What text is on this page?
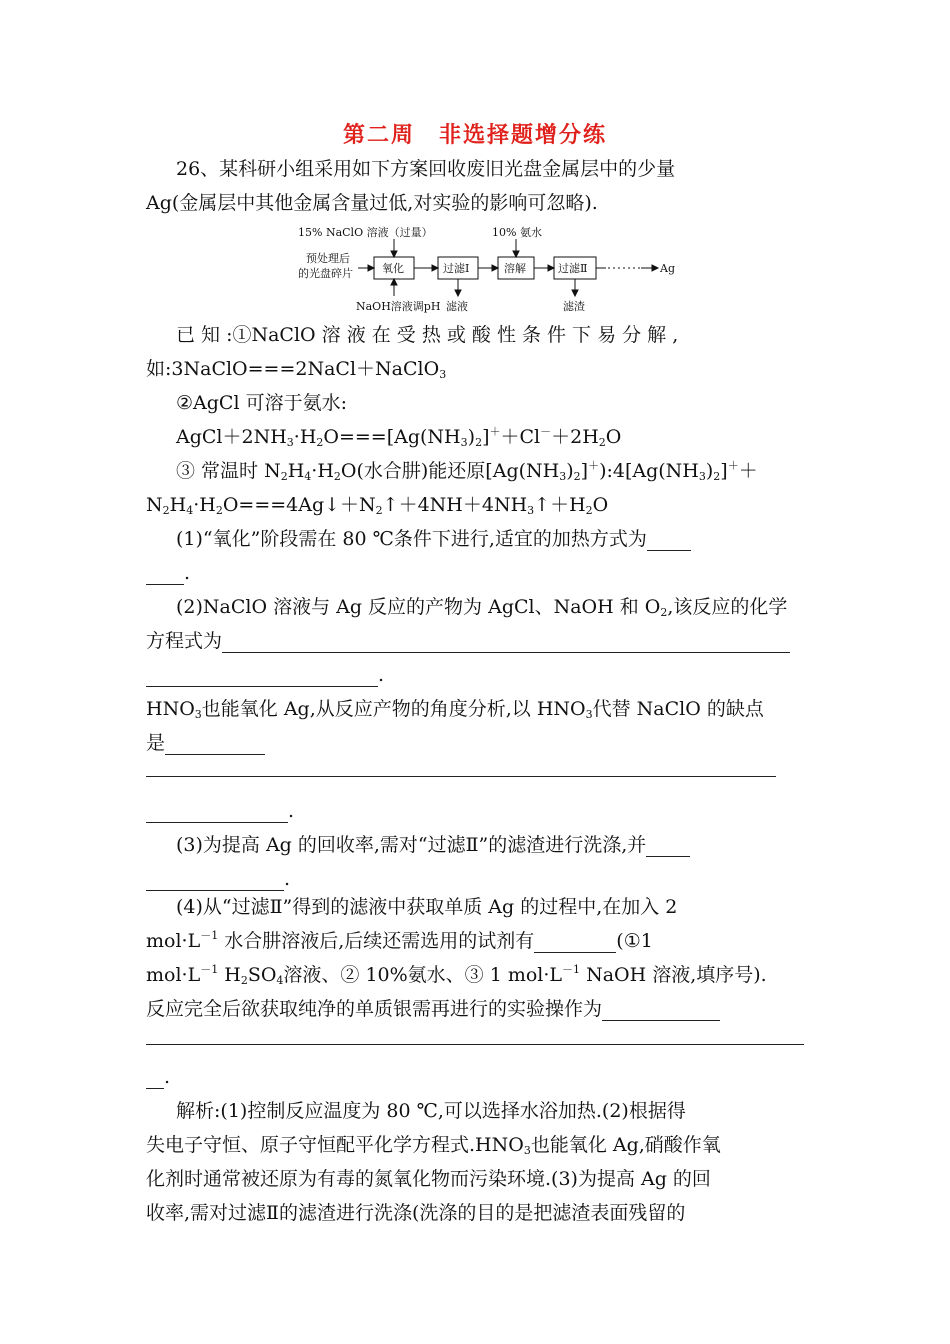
第二周　非选择题增分练
26、某科研小组采用如下方案回收废旧光盘金属层中的少量
Ag(金属层中其他金属含量过低,对实验的影响可忽略).
15% NaClO 溶液（过量）	10% 氨水
预处理后
的光盘碎片	氧化	过滤Ⅰ	溶解	过滤Ⅱ	Ag
NaOH溶液调pH 滤液	滤渣
已 知 :①NaClO 溶 液 在 受 热 或 酸 性 条 件 下 易 分 解 ,
如:3NaClO===2NaCl＋NaClO$_3$
②AgCl 可溶于氨水:
$AgCl+2NH_3\cdot H_2O===[Ag(NH_3)_2]^++Cl^-+2H_2O$
③ 常温时 $N_2H_4\cdot H_2O$(水合肼)能还原$[Ag(NH_3)_2]^+):4[Ag(NH_3)_2]^++$
$N_2H_4\cdot H_2O===4Ag↓+N_2↑+4NH+4NH_3↑+H_2O$
(1)“氧化”阶段需在 80 ℃条件下进行,适宜的加热方式为
.
(2)NaClO 溶液与 Ag 反应的产物为 AgCl、NaOH 和 $O_2$,该反应的化学
方程式为
.
$HNO_3$也能氧化 Ag,从反应产物的角度分析,以 $HNO_3$代替 NaClO 的缺点
是
.
(3)为提高 Ag 的回收率,需对“过滤Ⅱ”的滤渣进行洗涤,并
.
(4)从“过滤Ⅱ”得到的滤液中获取单质 Ag 的过程中,在加入 2
$mol\cdot L^{-1}$ 水合肼溶液后,后续还需选用的试剂有	(①1
$mol\cdot L^{-1}$ $H_2SO_4$溶液、② 10%氨水、③ 1 $mol\cdot L^{-1}$ NaOH 溶液,填序号).
反应完全后欲获取纯净的单质银需再进行的实验操作为
.
解析:(1)控制反应温度为 80 ℃,可以选择水浴加热.(2)根据得
失电子守恒、原子守恒配平化学方程式$.HNO_3$也能氧化 Ag,硝酸作氧
化剂时通常被还原为有毒的氮氧化物而污染环境.(3)为提高 Ag 的回
收率,需对过滤Ⅱ的滤渣进行洗涤(洗涤的目的是把滤渣表面残留的
